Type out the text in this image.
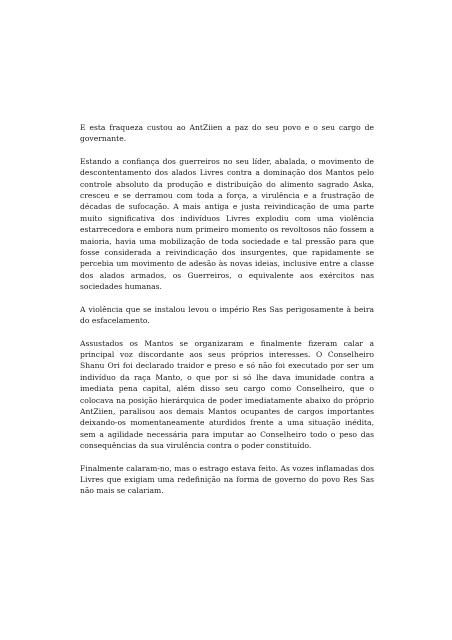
E esta fraqueza custou ao AntZiien a paz do seu povo e o seu cargo de governante.

Estando a confiança dos guerreiros no seu líder, abalada, o movimento de descontentamento dos alados Livres contra a dominação dos Mantos pelo controle absoluto da produção e distribuição do alimento sagrado Aska, cresceu e se derramou com toda a força, a virulência e a frustração de décadas de sufocação. A mais antiga e justa reivindicação de uma parte muito significativa dos indivíduos Livres explodiu com uma violência estarrecedora e embora num primeiro momento os revoltosos não fossem a maioria, havia uma mobilização de toda sociedade e tal pressão para que fosse considerada a reivindicação dos insurgentes, que rapidamente se percebia um movimento de adesão às novas ideias, inclusive entre a classe dos alados armados, os Guerreiros, o equivalente aos exércitos nas sociedades humanas.

A violência que se instalou levou o império Res Sas perigosamente à beira do esfacelamento.

Assustados os Mantos se organizaram e finalmente fizeram calar a principal voz discordante aos seus próprios interesses. O Conselheiro Shanu Ori foi declarado traidor e preso e só não foi executado por ser um indivíduo da raça Manto, o que por si só lhe dava imunidade contra a imediata pena capital, além disso seu cargo como Conselheiro, que o colocava na posição hierárquica de poder imediatamente abaixo do próprio AntZiien, paralisou aos demais Mantos ocupantes de cargos importantes deixando-os momentaneamente aturdidos frente a uma situação inédita, sem a agilidade necessária para imputar ao Conselheiro todo o peso das consequências da sua virulência contra o poder constituído.

Finalmente calaram-no, mas o estrago estava feito. As vozes inflamadas dos Livres que exigiam uma redefinição na forma de governo do povo Res Sas não mais se calariam.
